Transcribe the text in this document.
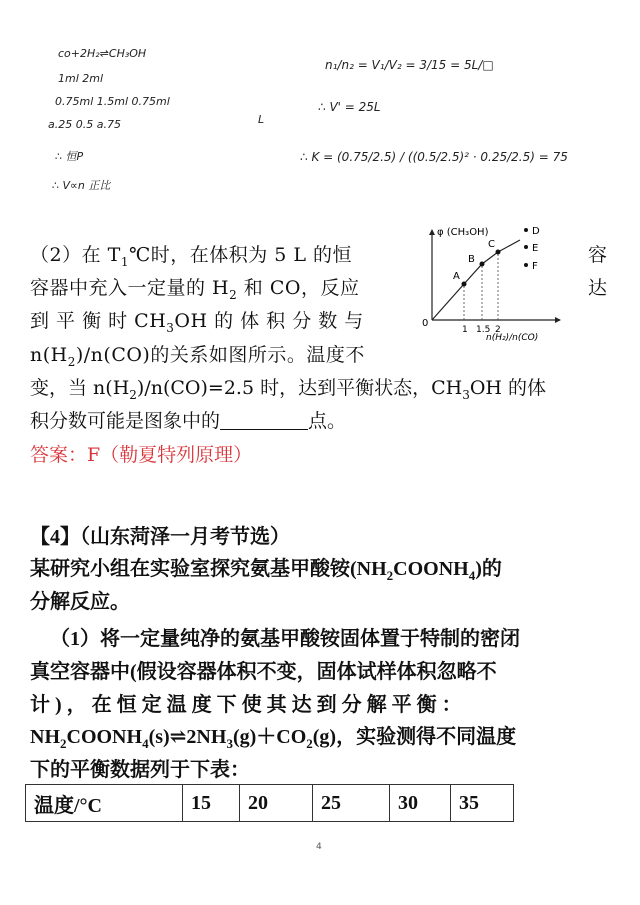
co+2H₂⇌CH₃OH
1ml 2ml
0.75ml 1.5ml 0.75ml
a.25 0.5 a.75
∴ 恒P
∴ V∝n 正比
L
n₁/n₂ = V₁/V₂ = 3/15 = 5L/□
∴ V' = 25L
∴ K = (0.75/2.5) / ((0.5/2.5)² · 0.25/2.5) = 75
（2）在 $T_1℃$时，在体积为 5 L 的恒	容
容器中充入一定量的 $H_2$ 和 CO，反应	达
到 平 衡 时 $CH_3OH$ 的 体 积 分 数 与
$n(H_2)/n(CO)$的关系如图所示。温度不
变，当 $n(H_2)/n(CO)=2.5$ 时，达到平衡状态，$CH_3OH$ 的体
积分数可能是图象中的	点。
答案：F（勒夏特列原理）
φ (CH₃OH)
0
1 1.5 2
n(H₂)/n(CO)
A
B
C
D
E
F
【4】（山东菏泽一月考节选）
某研究小组在实验室探究氨基甲酸铵$(NH_2COONH_4)$的
分解反应。
（1）将一定量纯净的氨基甲酸铵固体置于特制的密闭
真空容器中(假设容器体积不变，固体试样体积忽略不
计 ) ， 在 恒 定 温 度 下 使 其 达 到 分 解 平 衡 ：
$NH_2COONH_4(s)\rightleftharpoons 2NH_3(g)+CO_2(g)$，实验测得不同温度
下的平衡数据列于下表：
温度/°C	15	20	25	30	35
4
